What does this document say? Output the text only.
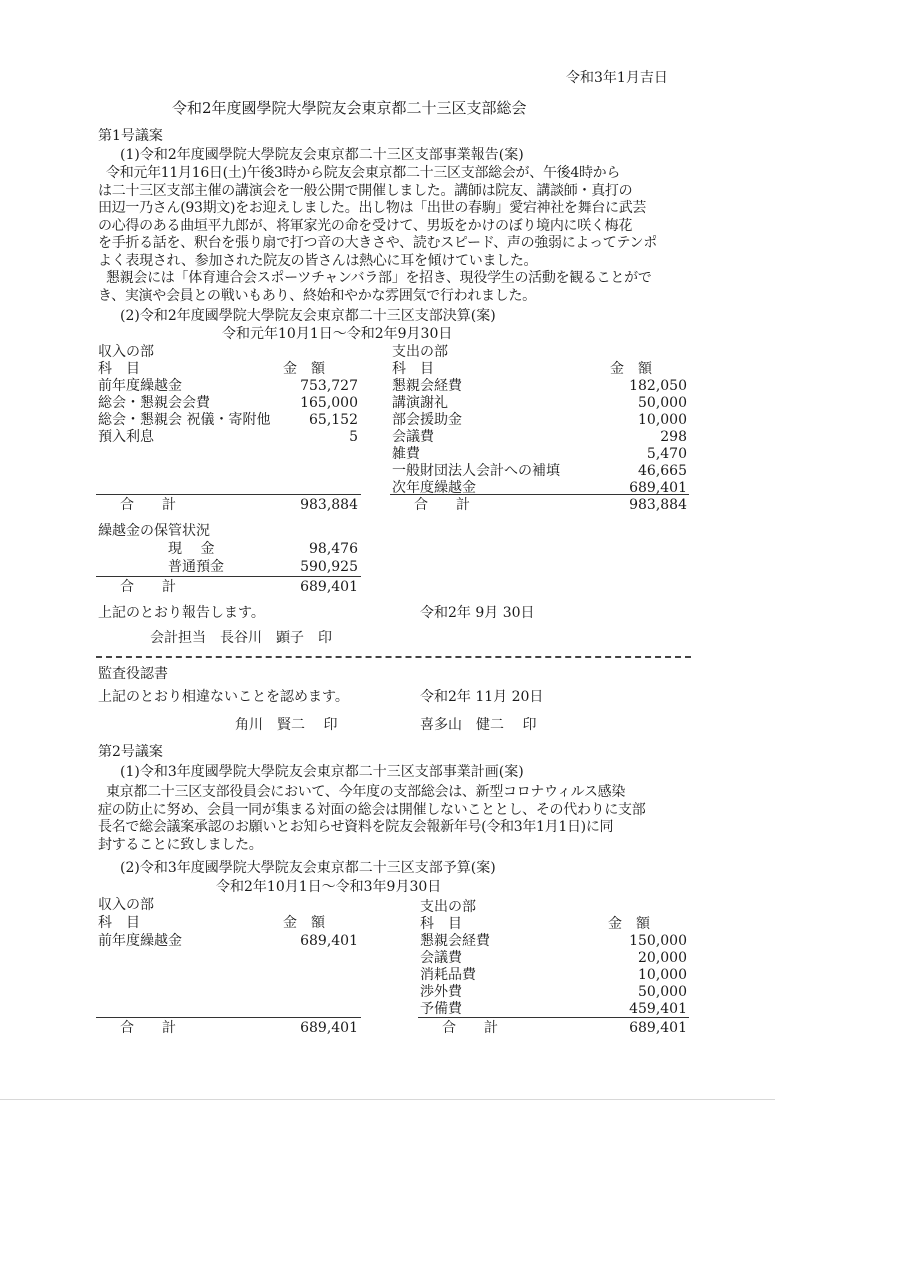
令和3年1月吉日
令和2年度國學院大學院友会東京都二十三区支部総会
第1号議案
(1)令和2年度國學院大學院友会東京都二十三区支部事業報告(案)
令和元年11月16日(土)午後3時から院友会東京都二十三区支部総会が、午後4時から
は二十三区支部主催の講演会を一般公開で開催しました。講師は院友、講談師・真打の
田辺一乃さん(93期文)をお迎えしました。出し物は「出世の春駒」愛宕神社を舞台に武芸
の心得のある曲垣平九郎が、将軍家光の命を受けて、男坂をかけのぼり境内に咲く梅花
を手折る話を、釈台を張り扇で打つ音の大きさや、読むスピード、声の強弱によってテンポ
よく表現され、参加された院友の皆さんは熱心に耳を傾けていました。
懇親会には「体育連合会スポーツチャンバラ部」を招き、現役学生の活動を観ることがで
き、実演や会員との戦いもあり、終始和やかな雰囲気で行われました。
(2)令和2年度國學院大學院友会東京都二十三区支部決算(案)
令和元年10月1日～令和2年9月30日
収入の部
科　目	金　額
前年度繰越金	753,727
総会・懇親会会費	165,000
総会・懇親会 祝儀・寄附他	65,152
預入利息	5
合　　計	983,884
支出の部
科　目	金　額
懇親会経費	182,050
講演謝礼	50,000
部会援助金	10,000
会議費	298
雑費	5,470
一般財団法人会計への補填	46,665
次年度繰越金	689,401
合　　計	983,884
繰越金の保管状況
現　 金	98,476
普通預金	590,925
合　　計	689,401
上記のとおり報告します。	令和2年 9月 30日
会計担当　長谷川　顕子　印
監査役認書
上記のとおり相違ないことを認めます。	令和2年 11月 20日
角川　賢二　 印	喜多山　健二　 印
第2号議案
(1)令和3年度國學院大學院友会東京都二十三区支部事業計画(案)
東京都二十三区支部役員会において、今年度の支部総会は、新型コロナウィルス感染
症の防止に努め、会員一同が集まる対面の総会は開催しないこととし、その代わりに支部
長名で総会議案承認のお願いとお知らせ資料を院友会報新年号(令和3年1月1日)に同
封することに致しました。
(2)令和3年度國學院大學院友会東京都二十三区支部予算(案)
令和2年10月1日～令和3年9月30日
収入の部
科　目	金　額
前年度繰越金	689,401
合　　計	689,401
支出の部
科　目	金　額
懇親会経費	150,000
会議費	20,000
消耗品費	10,000
渉外費	50,000
予備費	459,401
合　　計	689,401
